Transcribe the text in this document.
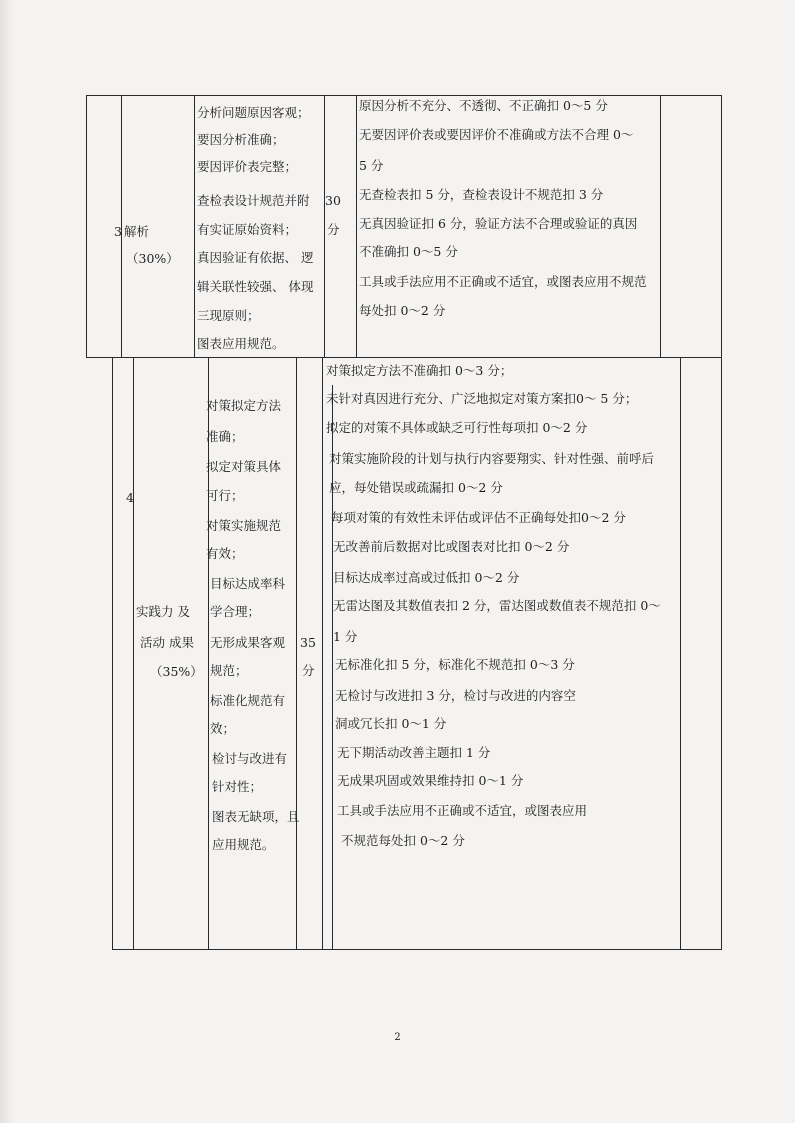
3 解析
（30%）
分析问题原因客观；
要因分析准确；
要因评价表完整；
查检表设计规范并附
有实证原始资料；
真因验证有依据、 逻
辑关联性较强、 体现
三现原则；
图表应用规范。
30
分
原因分析不充分、不透彻、不正确扣 0～5 分
无要因评价表或要因评价不准确或方法不合理 0～
5 分
无查检表扣 5 分，查检表设计不规范扣 3 分
无真因验证扣 6 分，验证方法不合理或验证的真因
不准确扣 0～5 分
工具或手法应用不正确或不适宜，或图表应用不规范
每处扣 0～2 分
4
实践力 及
活动 成果
（35%）
对策拟定方法
准确；
拟定对策具体
可行；
对策实施规范
有效；
目标达成率科
学合理；
无形成果客观
规范；
标准化规范有
效；
检讨与改进有
针对性；
图表无缺项，且
应用规范。
35
分
对策拟定方法不准确扣 0～3 分；
未针对真因进行充分、广泛地拟定对策方案扣0～ 5 分；
拟定的对策不具体或缺乏可行性每项扣 0～2 分
对策实施阶段的计划与执行内容要翔实、针对性强、前呼后
应，每处错误或疏漏扣 0～2 分
每项对策的有效性未评估或评估不正确每处扣0～2 分
无改善前后数据对比或图表对比扣 0～2 分
目标达成率过高或过低扣 0～2 分
无雷达图及其数值表扣 2 分，雷达图或数值表不规范扣 0～
1 分
无标准化扣 5 分，标准化不规范扣 0～3 分
无检讨与改进扣 3 分，检讨与改进的内容空
洞或冗长扣 0～1 分
无下期活动改善主题扣 1 分
无成果巩固或效果维持扣 0～1 分
工具或手法应用不正确或不适宜，或图表应用
不规范每处扣 0～2 分
2
